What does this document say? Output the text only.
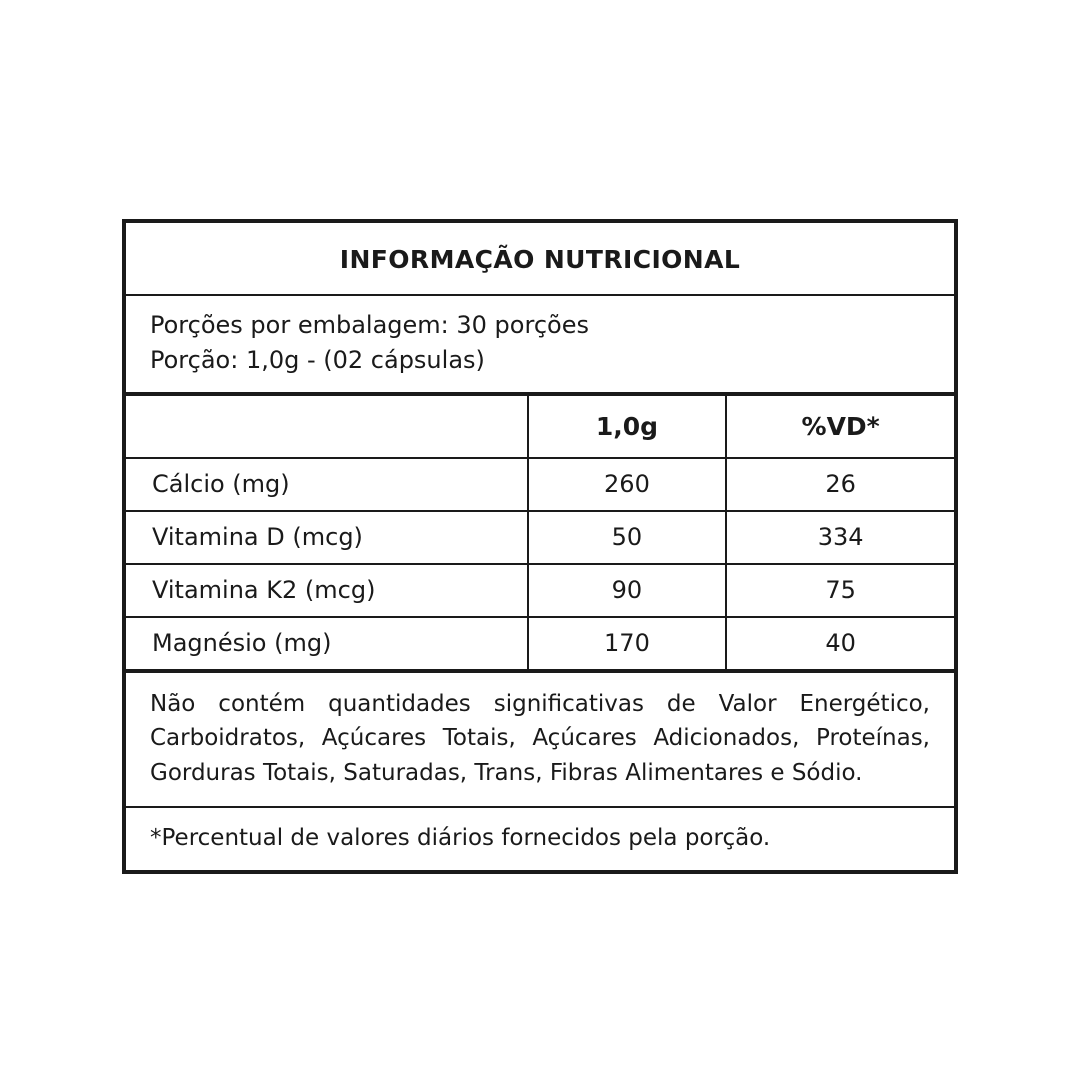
INFORMAÇÃO NUTRICIONAL
Porções por embalagem: 30 porções
Porção: 1,0g - (02 cápsulas)
	1,0g	%VD*
Cálcio (mg)	260	26
Vitamina D (mcg)	50	334
Vitamina K2 (mcg)	90	75
Magnésio (mg)	170	40
Não contém quantidades significativas de Valor Energético, Carboidratos, Açúcares Totais, Açúcares Adicionados, Proteínas, Gorduras Totais, Saturadas, Trans, Fibras Alimentares e Sódio.
*Percentual de valores diários fornecidos pela porção.
